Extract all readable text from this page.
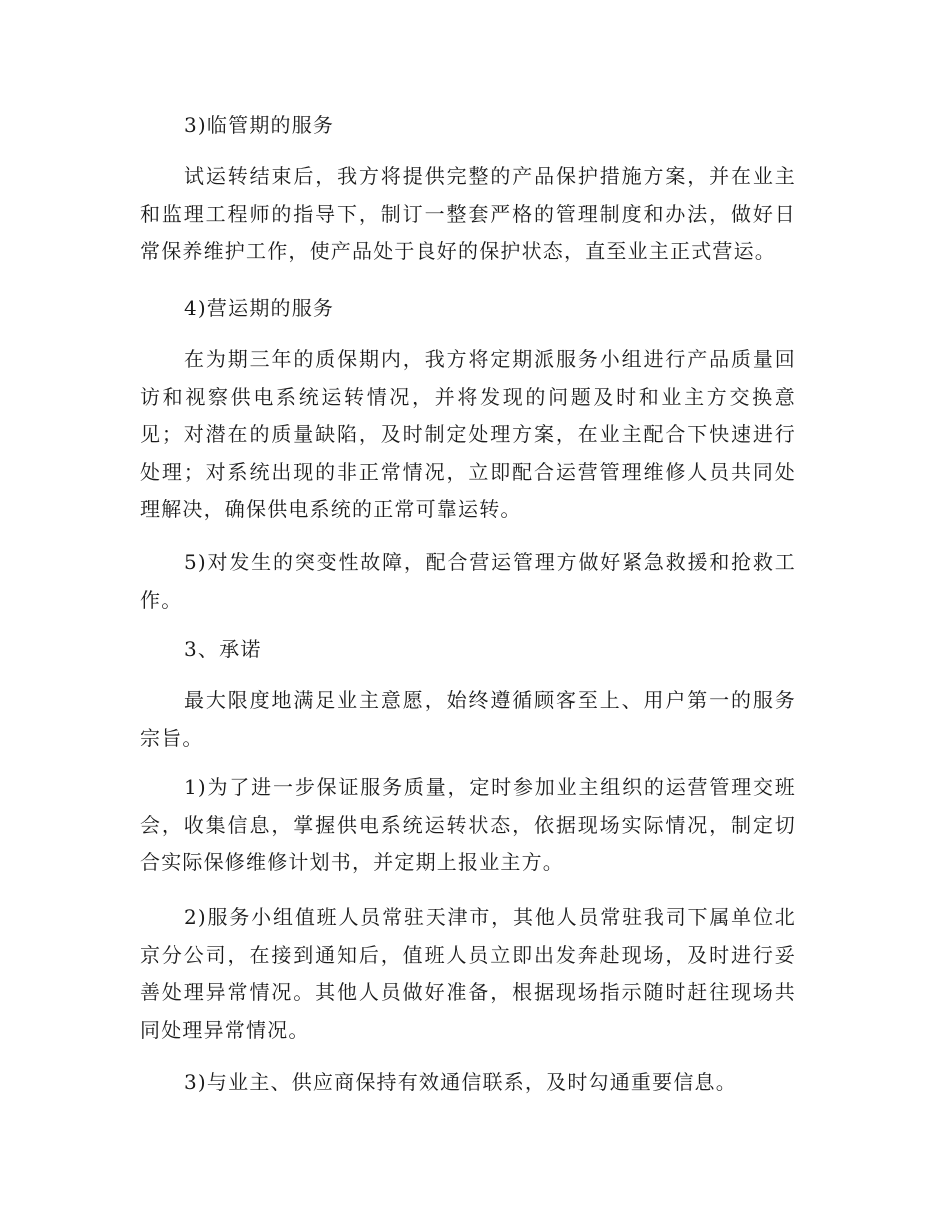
3)临管期的服务

试运转结束后，我方将提供完整的产品保护措施方案，并在业主和监理工程师的指导下，制订一整套严格的管理制度和办法，做好日常保养维护工作，使产品处于良好的保护状态，直至业主正式营运。

4)营运期的服务

在为期三年的质保期内，我方将定期派服务小组进行产品质量回访和视察供电系统运转情况，并将发现的问题及时和业主方交换意见；对潜在的质量缺陷，及时制定处理方案，在业主配合下快速进行处理；对系统出现的非正常情况，立即配合运营管理维修人员共同处理解决，确保供电系统的正常可靠运转。

5)对发生的突变性故障，配合营运管理方做好紧急救援和抢救工作。

3、承诺

最大限度地满足业主意愿，始终遵循顾客至上、用户第一的服务宗旨。

1)为了进一步保证服务质量，定时参加业主组织的运营管理交班会，收集信息，掌握供电系统运转状态，依据现场实际情况，制定切合实际保修维修计划书，并定期上报业主方。

2)服务小组值班人员常驻天津市，其他人员常驻我司下属单位北京分公司，在接到通知后，值班人员立即出发奔赴现场，及时进行妥善处理异常情况。其他人员做好准备，根据现场指示随时赶往现场共同处理异常情况。

3)与业主、供应商保持有效通信联系，及时勾通重要信息。
